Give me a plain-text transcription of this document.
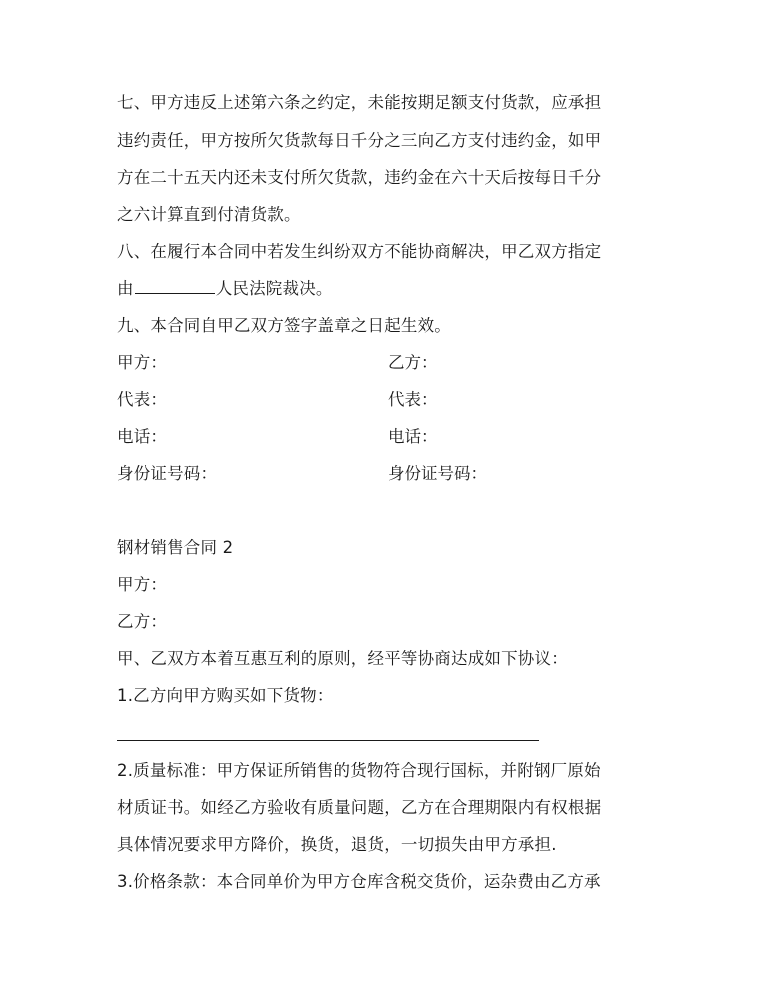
七、甲方违反上述第六条之约定，未能按期足额支付货款，应承担
违约责任，甲方按所欠货款每日千分之三向乙方支付违约金，如甲
方在二十五天内还未支付所欠货款，违约金在六十天后按每日千分
之六计算直到付清货款。
八、在履行本合同中若发生纠纷双方不能协商解决，甲乙双方指定
由	人民法院裁决。
九、本合同自甲乙双方签字盖章之日起生效。
甲方：	乙方：
代表：	代表：
电话：	电话：
身份证号码：	身份证号码：
钢材销售合同 2
甲方：
乙方：
甲、乙双方本着互惠互利的原则，经平等协商达成如下协议：
1.乙方向甲方购买如下货物：
2.质量标准：甲方保证所销售的货物符合现行国标，并附钢厂原始
材质证书。如经乙方验收有质量问题，乙方在合理期限内有权根据
具体情况要求甲方降价，换货，退货，一切损失由甲方承担.
3.价格条款：本合同单价为甲方仓库含税交货价，运杂费由乙方承
